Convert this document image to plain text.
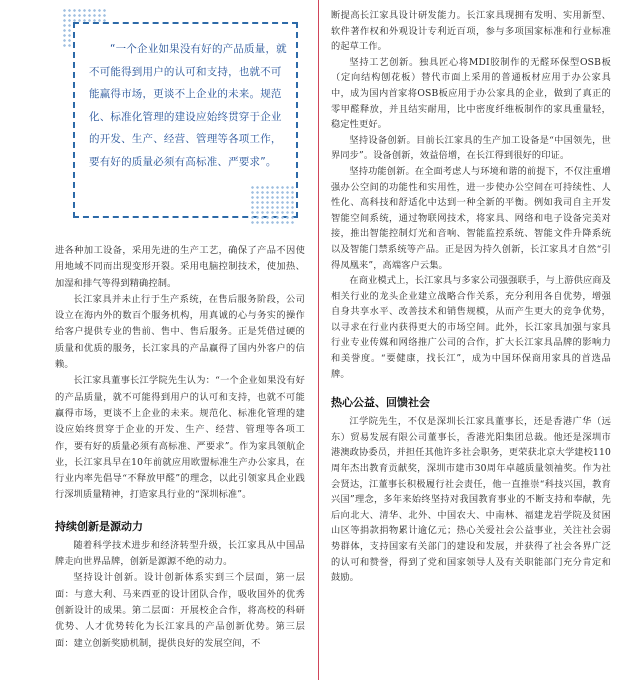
“一个企业如果没有好的产品质量，就不可能得到用户的认可和支持，也就不可能赢得市场，更谈不上企业的未来。规范化、标准化管理的建设应始终贯穿于企业的开发、生产、经营、管理等各项工作，要有好的质量必须有高标准、严要求”。

进各种加工设备，采用先进的生产工艺，确保了产品不因使用地域不同而出现变形开裂。采用电脑控制技术，使加热、加湿和排气等得到精确控制。

长江家具并未止行于生产系统，在售后服务阶段，公司设立在海内外的数百个服务机构，用真诚的心与务实的操作给客户提供专业的售前、售中、售后服务。正是凭借过硬的质量和优质的服务，长江家具的产品赢得了国内外客户的信赖。

长江家具董事长江学院先生认为：“一个企业如果没有好的产品质量，就不可能得到用户的认可和支持，也就不可能赢得市场，更谈不上企业的未来。规范化、标准化管理的建设应始终贯穿于企业的开发、生产、经营、管理等各项工作，要有好的质量必须有高标准、严要求”。作为家具领航企业，长江家具早在10年前就应用欧盟标准生产办公家具，在行业内率先倡导“不释放甲醛”的理念，以此引领家具企业践行深圳质量精神，打造家具行业的“深圳标准”。

持续创新是源动力

随着科学技术进步和经济转型升级，长江家具从中国品牌走向世界品牌，创新是源源不绝的动力。

坚持设计创新。设计创新体系实到三个层面，第一层面：与意大利、马来西亚的设计团队合作，吸收国外的优秀创新设计的成果。第二层面：开展校企合作，将高校的科研优势、人才优势转化为长江家具的产品创新优势。第三层面：建立创新奖励机制，提供良好的发展空间，不

断提高长江家具设计研发能力。长江家具现拥有发明、实用新型、软件著作权和外观设计专利近百项，参与多项国家标准和行业标准的起草工作。

坚持工艺创新。独具匠心将MDI胶制作的无醛环保型OSB板（定向结构刨花板）替代市面上采用的普通板材应用于办公家具中，成为国内首家将OSB板应用于办公家具的企业，做到了真正的零甲醛释放，并且结实耐用，比中密度纤维板制作的家具重量轻，稳定性更好。

坚持设备创新。目前长江家具的生产加工设备是“中国领先，世界同步”。设备创新，效益倍增，在长江得到很好的印证。

坚持功能创新。在全面考虑人与环境和谐的前提下，不仅注重增强办公空间的功能性和实用性，进一步使办公空间在可持续性、人性化、高科技和舒适化中达到一种全新的平衡。例如我司自主开发智能空间系统，通过物联网技术，将家具、网络和电子设备完美对接，推出智能控制灯光和音响、智能监控系统、智能文件升降系统以及智能门禁系统等产品。正是因为持久创新，长江家具才自然“引得凤凰来”，高端客户云集。

在商业模式上，长江家具与多家公司强强联手，与上游供应商及相关行业的龙头企业建立战略合作关系，充分利用各自优势，增强自身共享水平、改善技术和销售规模，从而产生更大的竞争优势，以寻求在行业内获得更大的市场空间。此外，长江家具加强与家具行业专业传媒和网络推广公司的合作，扩大长江家具品牌的影响力和美誉度。“要健康，找长江”，成为中国环保商用家具的首选品牌。

热心公益、回馈社会

江学院先生，不仅是深圳长江家具董事长，还是香港广华（远东）贸易发展有限公司董事长，香港光阳集团总裁。他还是深圳市港澳政协委员，并担任其他许多社会职务，更荣获北京大学建校110周年杰出教育贡献奖，深圳市建市30周年卓越质量领袖奖。作为社会贤达，江董事长积极履行社会责任，他一直推崇“科技兴国，教育兴国”理念，多年来始终坚持对我国教育事业的不断支持和奉献，先后向北大、清华、北外、中国农大、中南林、福建龙岩学院及贫困山区等捐款捐物累计逾亿元；热心关爱社会公益事业，关注社会弱势群体，支持国家有关部门的建设和发展，并获得了社会各界广泛的认可和赞誉，得到了党和国家领导人及有关职能部门充分肯定和鼓励。
